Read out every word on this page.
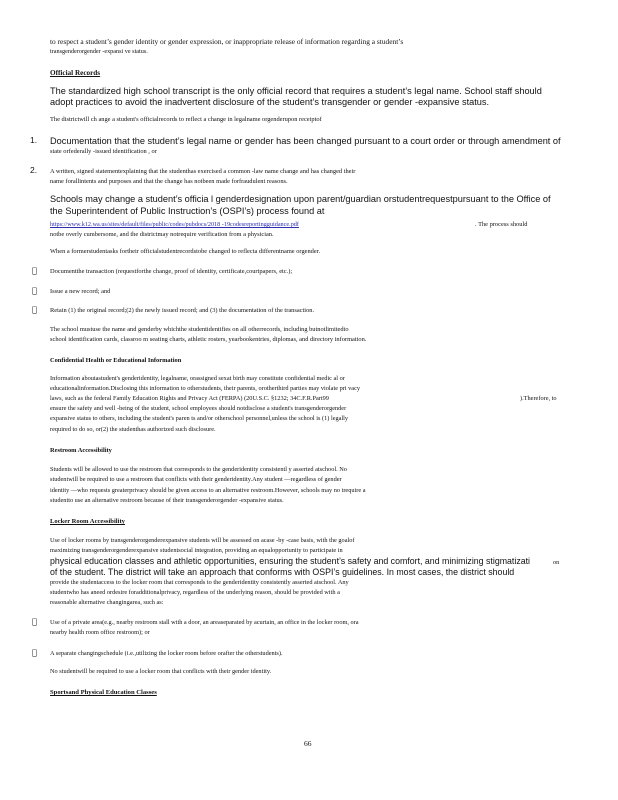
to respect a student’s gender identity or gender expression, or inappropriate release of information regarding a student’s
transgenderorgender -expansi ve status.
Official Records
The standardized high school transcript is the only official record that requires a student’s legal name. School staff should
adopt practices to avoid the inadvertent disclosure of the student’s transgender or gender -expansive status.
The districtwill ch ange a student's officialrecords to reflect a change in legalname orgenderupon receiptof
1. Documentation that the student’s legal name or gender has been changed pursuant to a court order or through amendment of
state orfederally -issued identification , or
2. A written, signed statementexplaining that the studenthas exercised a common -law name change and has changed their
name forallintents and purposes and that the change has notbeen made forfraudulent reasons.
Schools may change a student’s officia l genderdesignation upon parent/guardian orstudentrequestpursuant to the Office of
the Superintendent of Public Instruction’s (OSPI’s) process found at
https://www.k12.wa.us/sites/default/files/public/codes/pubdocs/2018 -19codesreportingguidance.pdf	. The process should
notbe overly cumbersome, and the districtmay notrequire verification from a physician.
When a formerstudentasks fortheir officialstudentrecordstobe changed to reflecta differentname orgender.
Documentthe transaction (requestforthe change, proof of identity, certificate,courtpapers, etc.);
Issue a new record; and
Retain (1) the original record;(2) the newly issued record; and (3) the documentation of the transaction.
The school mustuse the name and genderby whichthe studentidentifies on all otherrecords, including butnotlimitedto
school identification cards, classroo m seating charts, athletic rosters, yearbookentries, diplomas, and directory information.
Confidential Health or Educational Information
Information aboutastudent's genderidentity, legalname, orassigned sexat birth may constitute confidential medic al or
educationalinformation.Disclosing this information to otherstudents, their parents, orotherthird parties may violate pri vacy
laws, such as the federal Family Education Rights and Privacy Act (FERPA) (20U.S.C. §1232; 34C.F.R.Part99	).Therefore, to
ensure the safety and well -being of the student, school employees should notdisclose a student's transgenderorgender
expansive status to others, including the student's paren ts and/or otherschool personnel,unless the school is (1) legally
required to do so, or(2) the studenthas authorized such disclosure.
Restroom Accessibility
Students will be allowed to use the restroom that corresponds to the genderidentity consistentl y asserted atschool. No
studentwill be required to use a restroom that conflicts with their genderidentity.Any student —regardless of gender
identity —who requests greaterprivacy should be given access to an alternative restroom.However, schools may no trequire a
studentto use an alternative restroom because of their transgenderorgender -expansive status.
Locker Room Accessibility
Use of locker rooms by transgenderorgenderexpansive students will be assessed on acase -by -case basis, with the goalof
maximizing transgenderorgenderexpansive studentsocial integration, providing an equalopportunity to participate in
physical education classes and athletic opportunities, ensuring the student’s safety and comfort, and minimizing stigmatizati	on
of the student. The district will take an approach that conforms with OSPI’s guidelines. In most cases, the district should
provide the studentaccess to the locker room that corresponds to the genderidentity consistently asserted atschool. Any
studentwho has aneed ordesire foradditionalprivacy, regardless of the underlying reason, should be provided with a
reasonable alternative changingarea, such as:
Use of a private area(e.g., nearby restroom stall with a door, an areaseparated by acurtain, an office in the locker room, ora
nearby health room office restroom); or
A separate changingschedule (i.e.,utilizing the locker room before orafter the otherstudents).
No studentwill be required to use a locker room that conflicts with their gender identity.
Sportsand Physical Education Classes
66
